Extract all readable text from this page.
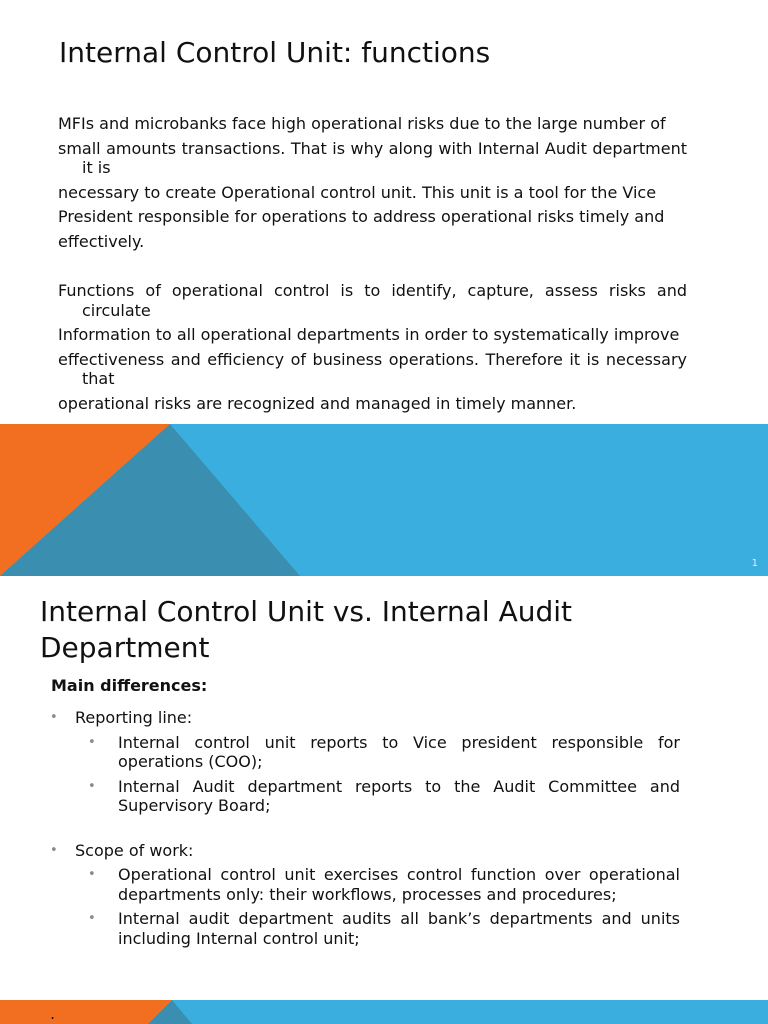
Internal Control Unit: functions

MFIs and microbanks face high operational risks due to the large number of

small amounts transactions. That is why along with Internal Audit department it is

necessary to create Operational control unit. This unit is a tool for the Vice

President responsible for operations to address operational risks timely and

effectively.

Functions of operational control is to identify, capture, assess risks and circulate

Information to all operational departments in order to systematically improve

effectiveness and efficiency of business operations. Therefore it is necessary that

operational risks are recognized and managed in timely manner.

1
Internal Control Unit vs. Internal Audit Department
Main differences:
• Reporting line:
• Internal control unit reports to Vice president responsible for operations (COO);
• Internal Audit department reports to the Audit Committee and Supervisory Board;
• Scope of work:
• Operational control unit exercises control function over operational departments only: their workflows, processes and procedures;
• Internal audit department audits all bank’s departments and units including Internal control unit;
.
